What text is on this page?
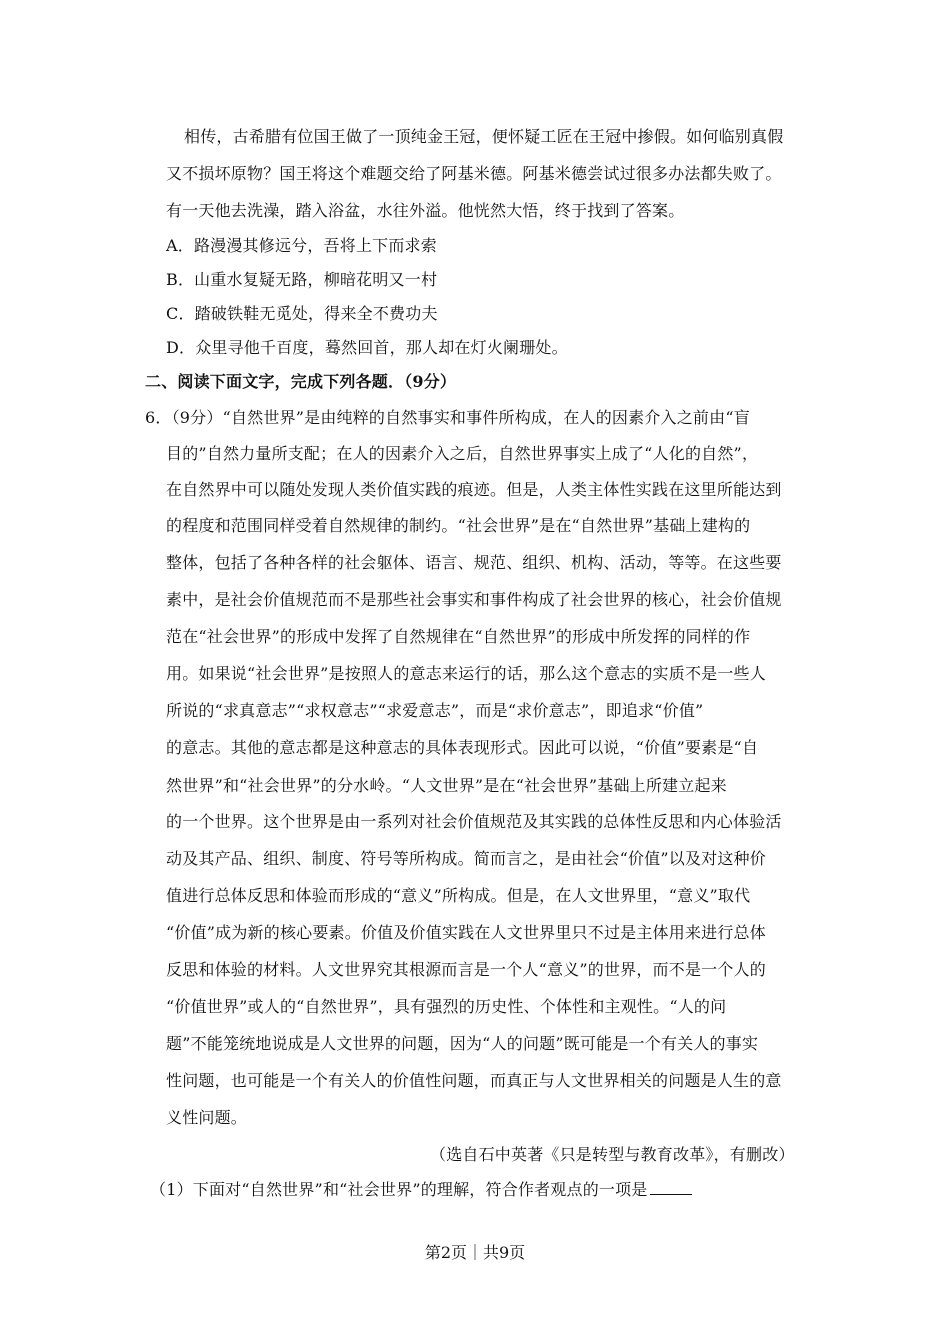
相传，古希腊有位国王做了一顶纯金王冠，便怀疑工匠在王冠中掺假。如何临别真假
又不损坏原物？国王将这个难题交给了阿基米德。阿基米德尝试过很多办法都失败了。
有一天他去洗澡，踏入浴盆，水往外溢。他恍然大悟，终于找到了答案。
A．路漫漫其修远兮，吾将上下而求索
B．山重水复疑无路，柳暗花明又一村
C．踏破铁鞋无觅处，得来全不费功夫
D．众里寻他千百度，蓦然回首，那人却在灯火阑珊处。
二、阅读下面文字，完成下列各题．（9分）
6．（9分）“自然世界”是由纯粹的自然事实和事件所构成，在人的因素介入之前由“盲
目的”自然力量所支配；在人的因素介入之后，自然世界事实上成了“人化的自然”，
在自然界中可以随处发现人类价值实践的痕迹。但是，人类主体性实践在这里所能达到
的程度和范围同样受着自然规律的制约。“社会世界”是在“自然世界”基础上建构的
整体，包括了各种各样的社会躯体、语言、规范、组织、机构、活动，等等。在这些要
素中，是社会价值规范而不是那些社会事实和事件构成了社会世界的核心，社会价值规
范在“社会世界”的形成中发挥了自然规律在“自然世界”的形成中所发挥的同样的作
用。如果说“社会世界”是按照人的意志来运行的话，那么这个意志的实质不是一些人
所说的“求真意志”“求权意志”“求爱意志”，而是“求价意志”，即追求“价值”
的意志。其他的意志都是这种意志的具体表现形式。因此可以说，“价值”要素是“自
然世界”和“社会世界”的分水岭。“人文世界”是在“社会世界”基础上所建立起来
的一个世界。这个世界是由一系列对社会价值规范及其实践的总体性反思和内心体验活
动及其产品、组织、制度、符号等所构成。简而言之，是由社会“价值”以及对这种价
值进行总体反思和体验而形成的“意义”所构成。但是，在人文世界里，“意义”取代
“价值”成为新的核心要素。价值及价值实践在人文世界里只不过是主体用来进行总体
反思和体验的材料。人文世界究其根源而言是一个人“意义”的世界，而不是一个人的
“价值世界”或人的“自然世界”，具有强烈的历史性、个体性和主观性。“人的问
题”不能笼统地说成是人文世界的问题，因为“人的问题”既可能是一个有关人的事实
性问题，也可能是一个有关人的价值性问题，而真正与人文世界相关的问题是人生的意
义性问题。
（选自石中英著《只是转型与教育改革》，有删改）
（1）下面对“自然世界”和“社会世界”的理解，符合作者观点的一项是
第2页｜共9页
